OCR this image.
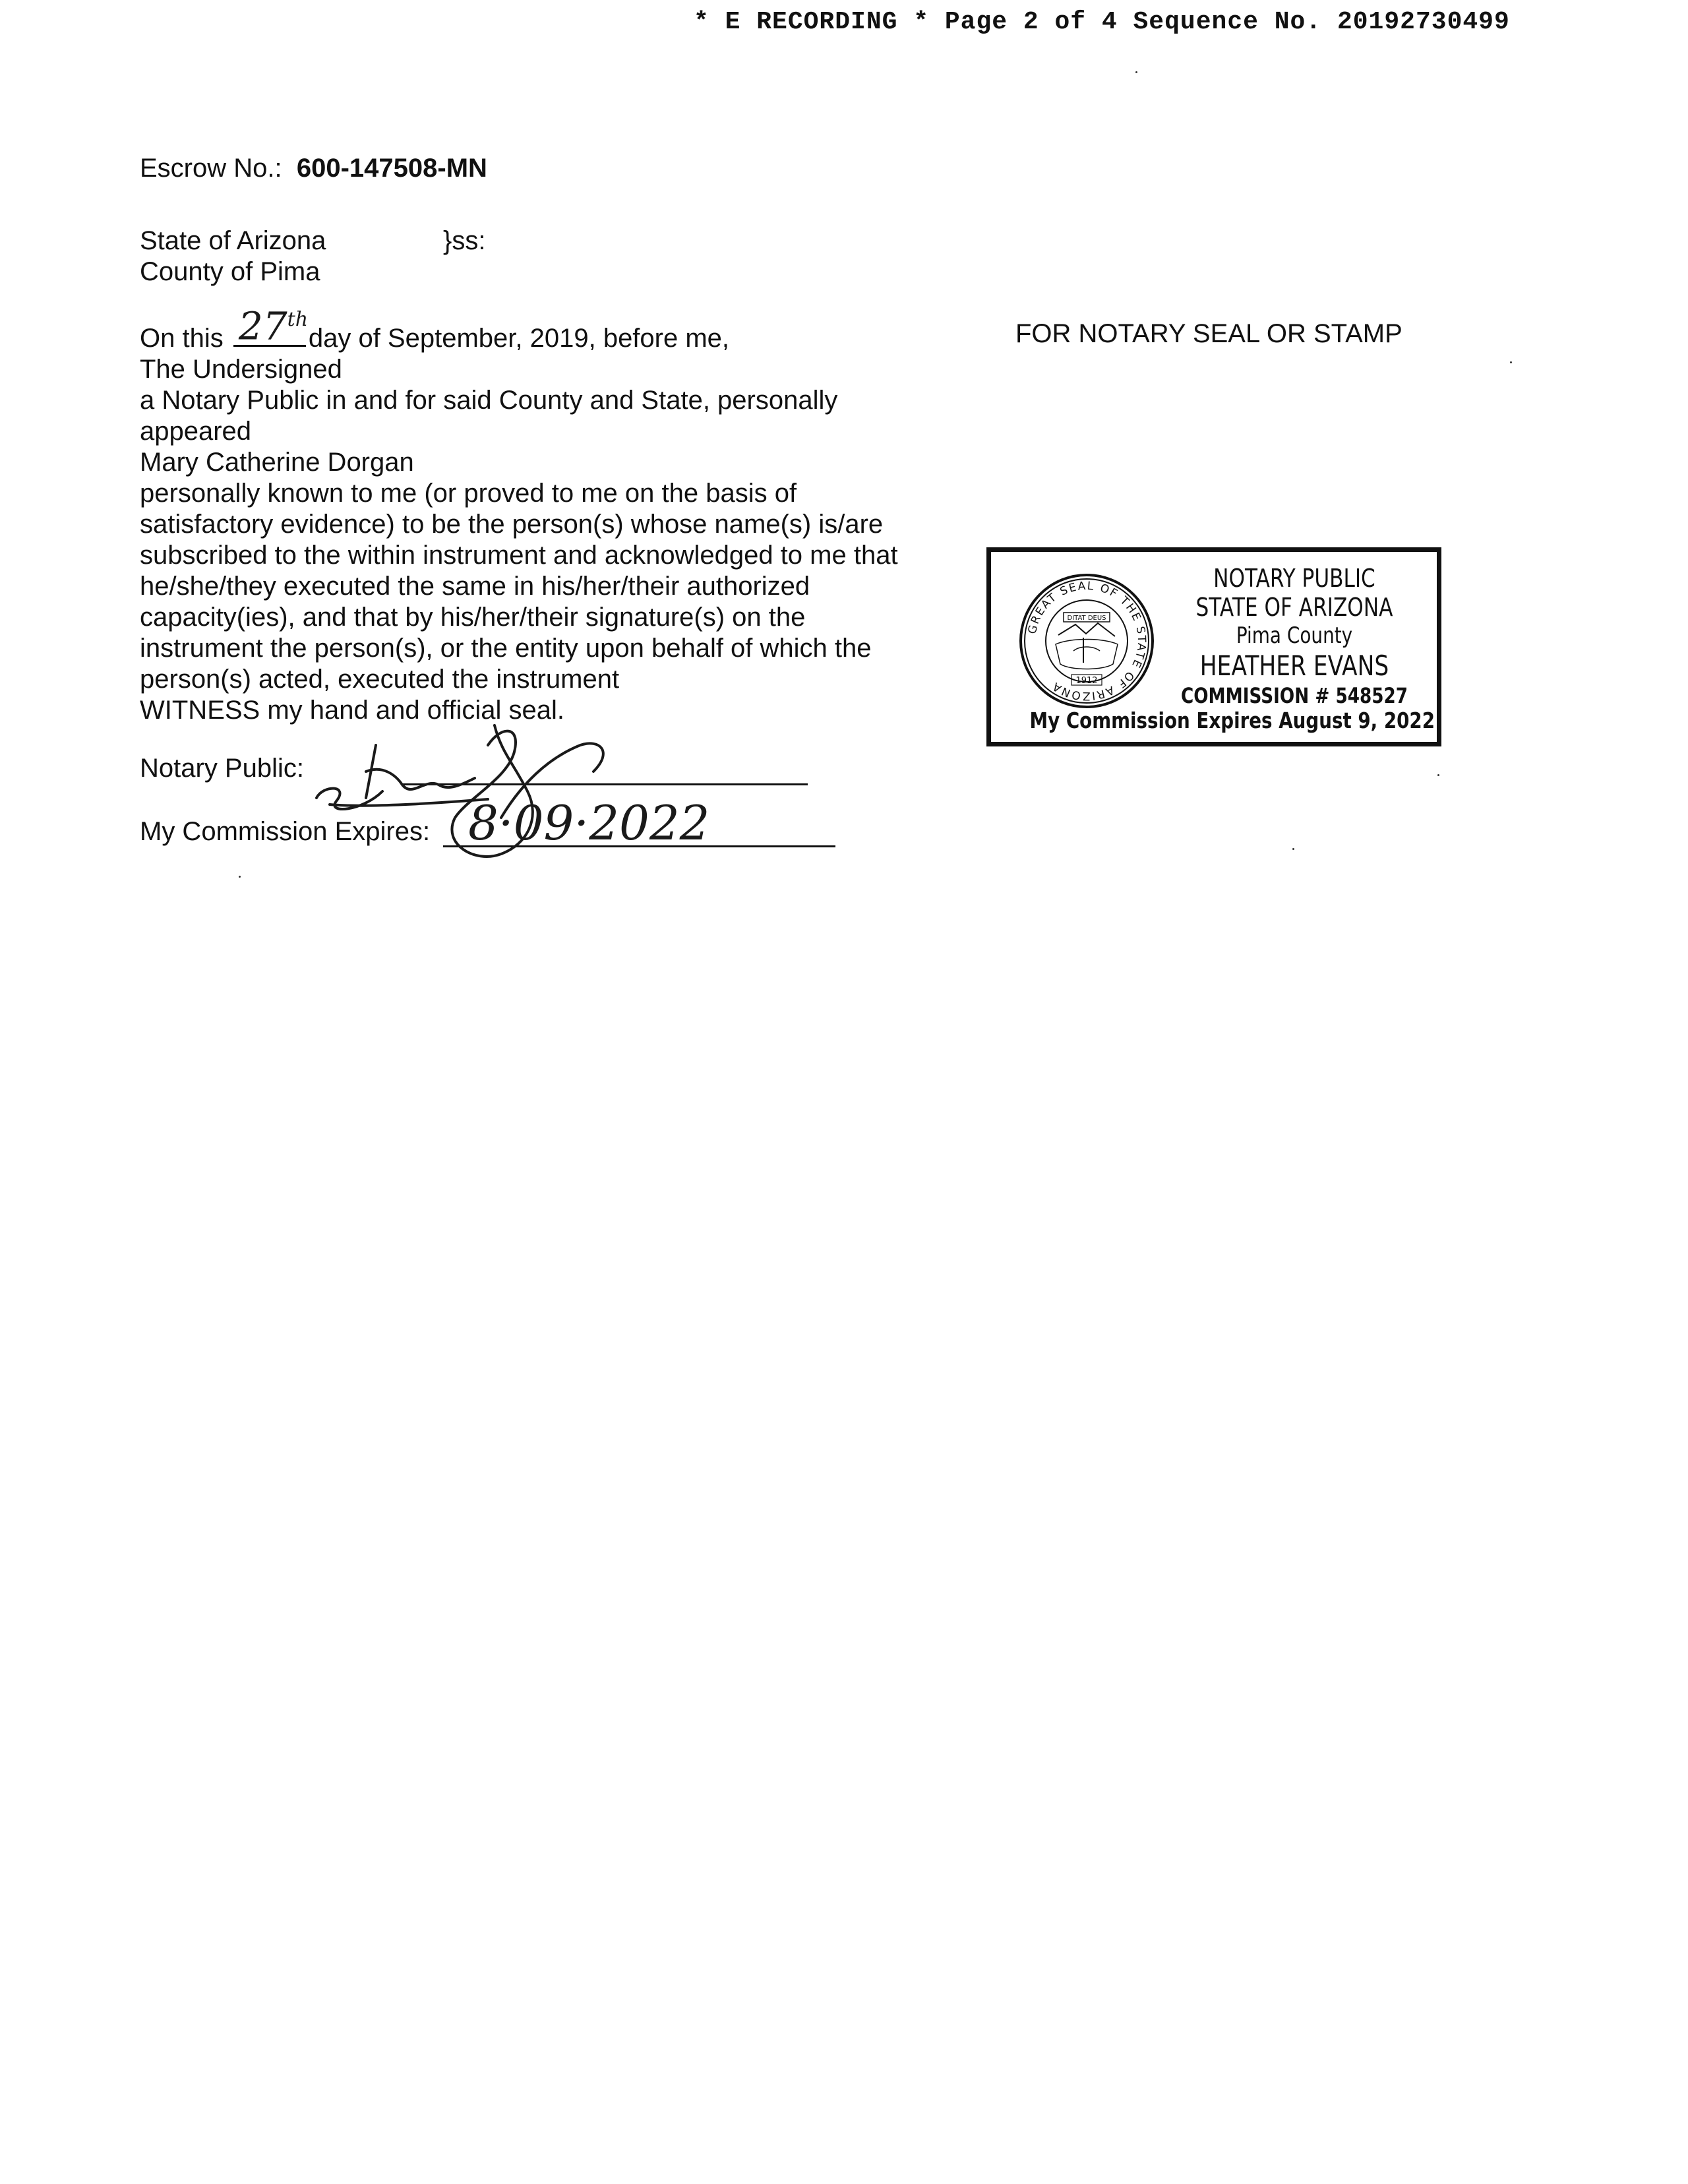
* E RECORDING * Page 2 of 4 Sequence No. 20192730499
Escrow No.: 600-147508-MN
State of Arizona	}ss:
County of Pima
On this 27th
day of September, 2019, before me,
The Undersigned
a Notary Public in and for said County and State, personally
appeared
Mary Catherine Dorgan
personally known to me (or proved to me on the basis of
satisfactory evidence) to be the person(s) whose name(s) is/are
subscribed to the within instrument and acknowledged to me that
he/she/they executed the same in his/her/their authorized
capacity(ies), and that by his/her/their signature(s) on the
instrument the person(s), or the entity upon behalf of which the
person(s) acted, executed the instrument
WITNESS my hand and official seal.
FOR NOTARY SEAL OR STAMP
Notary Public:
My Commission Expires: 8·09·2022
GREAT SEAL OF THE STATE OF ARIZONA
DITAT DEUS
1912
NOTARY PUBLIC
STATE OF ARIZONA
Pima County
HEATHER EVANS
COMMISSION # 548527
My Commission Expires August 9, 2022
